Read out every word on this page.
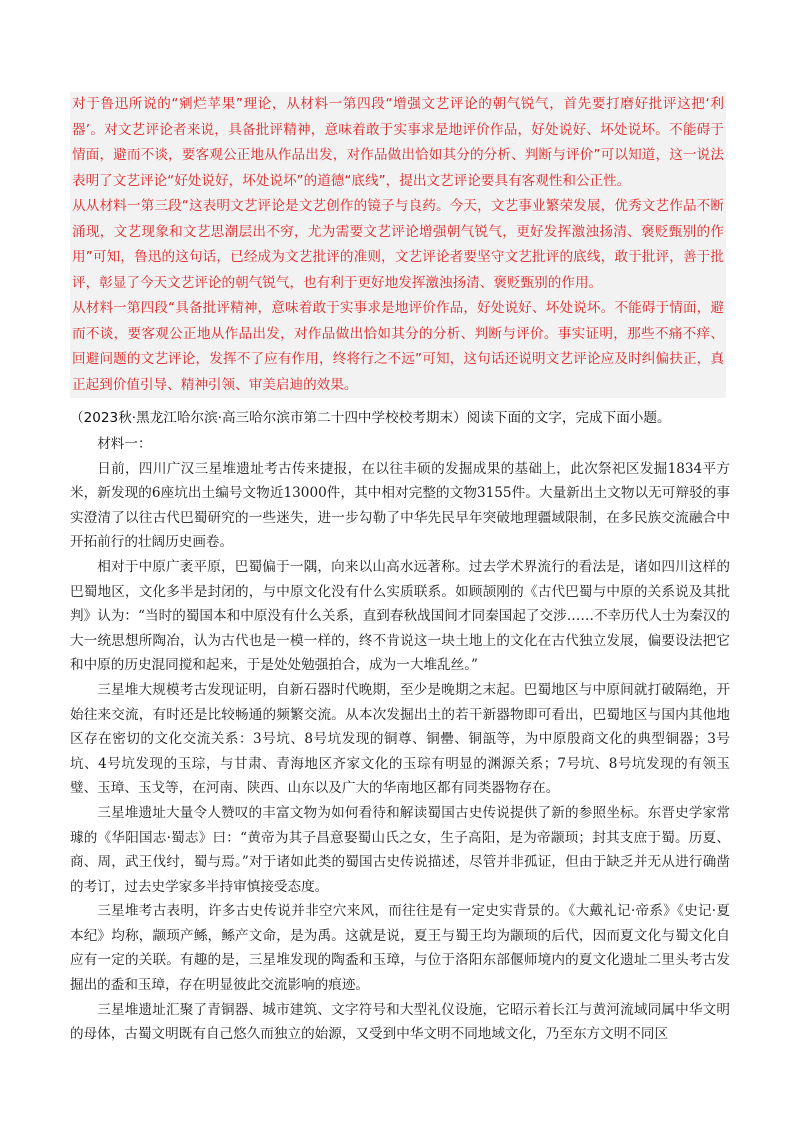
对于鲁迅所说的“剜烂苹果”理论，从材料一第四段“增强文艺评论的朝气锐气，首先要打磨好批评这把‘利器’。对文艺评论者来说，具备批评精神，意味着敢于实事求是地评价作品，好处说好、坏处说坏。不能碍于情面，避而不谈，要客观公正地从作品出发，对作品做出恰如其分的分析、判断与评价”可以知道，这一说法表明了文艺评论“好处说好，坏处说坏”的道德“底线”，提出文艺评论要具有客观性和公正性。

从从材料一第三段“这表明文艺评论是文艺创作的镜子与良药。今天，文艺事业繁荣发展，优秀文艺作品不断涌现，文艺现象和文艺思潮层出不穷，尤为需要文艺评论增强朝气锐气，更好发挥激浊扬清、褒贬甄别的作用”可知，鲁迅的这句话，已经成为文艺批评的准则，文艺评论者要坚守文艺批评的底线，敢于批评，善于批评，彰显了今天文艺评论的朝气锐气，也有利于更好地发挥激浊扬清、褒贬甄别的作用。

从材料一第四段“具备批评精神，意味着敢于实事求是地评价作品，好处说好、坏处说坏。不能碍于情面，避而不谈，要客观公正地从作品出发，对作品做出恰如其分的分析、判断与评价。事实证明，那些不痛不痒、回避问题的文艺评论，发挥不了应有作用，终将行之不远”可知，这句话还说明文艺评论应及时纠偏扶正，真正起到价值引导、精神引领、审美启迪的效果。

（2023秋·黑龙江哈尔滨·高三哈尔滨市第二十四中学校校考期末）阅读下面的文字，完成下面小题。

材料一：

日前，四川广汉三星堆遗址考古传来捷报，在以往丰硕的发掘成果的基础上，此次祭祀区发掘1834平方米，新发现的6座坑出土编号文物近13000件，其中相对完整的文物3155件。大量新出土文物以无可辩驳的事实澄清了以往古代巴蜀研究的一些迷失，进一步勾勒了中华先民早年突破地理疆域限制，在多民族交流融合中开拓前行的壮阔历史画卷。

相对于中原广袤平原，巴蜀偏于一隅，向来以山高水远著称。过去学术界流行的看法是，诸如四川这样的巴蜀地区，文化多半是封闭的，与中原文化没有什么实质联系。如顾颉刚的《古代巴蜀与中原的关系说及其批判》认为：“当时的蜀国本和中原没有什么关系，直到春秋战国间才同秦国起了交涉……不幸历代人士为秦汉的大一统思想所陶冶，认为古代也是一模一样的，终不肯说这一块土地上的文化在古代独立发展，偏要设法把它和中原的历史混同搅和起来，于是处处勉强拍合，成为一大堆乱丝。”

三星堆大规模考古发现证明，自新石器时代晚期，至少是晚期之末起。巴蜀地区与中原间就打破隔绝，开始往来交流，有时还是比较畅通的频繁交流。从本次发掘出土的若干新器物即可看出，巴蜀地区与国内其他地区存在密切的文化交流关系：3号坑、8号坑发现的铜尊、铜罍、铜瓿等，为中原殷商文化的典型铜器；3号坑、4号坑发现的玉琮，与甘肃、青海地区齐家文化的玉琮有明显的渊源关系；7号坑、8号坑发现的有领玉璧、玉璋、玉戈等，在河南、陕西、山东以及广大的华南地区都有同类器物存在。

三星堆遗址大量令人赞叹的丰富文物为如何看待和解读蜀国古史传说提供了新的参照坐标。东晋史学家常璩的《华阳国志·蜀志》曰：“黄帝为其子昌意娶蜀山氏之女，生子高阳，是为帝颛顼；封其支庶于蜀。历夏、商、周，武王伐纣，蜀与焉。”对于诸如此类的蜀国古史传说描述，尽管并非孤证，但由于缺乏并无从进行确凿的考订，过去史学家多半持审慎接受态度。

三星堆考古表明，许多古史传说并非空穴来风，而往往是有一定史实背景的。《大戴礼记·帝系》《史记·夏本纪》均称，颛顼产鲧，鲧产文命，是为禹。这就是说，夏王与蜀王均为颛顼的后代，因而夏文化与蜀文化自应有一定的关联。有趣的是，三星堆发现的陶盉和玉璋，与位于洛阳东部偃师境内的夏文化遗址二里头考古发掘出的盉和玉璋，存在明显彼此交流影响的痕迹。

三星堆遗址汇聚了青铜器、城市建筑、文字符号和大型礼仪设施，它昭示着长江与黄河流域同属中华文明的母体，古蜀文明既有自己悠久而独立的始源，又受到中华文明不同地域文化，乃至东方文明不同区
